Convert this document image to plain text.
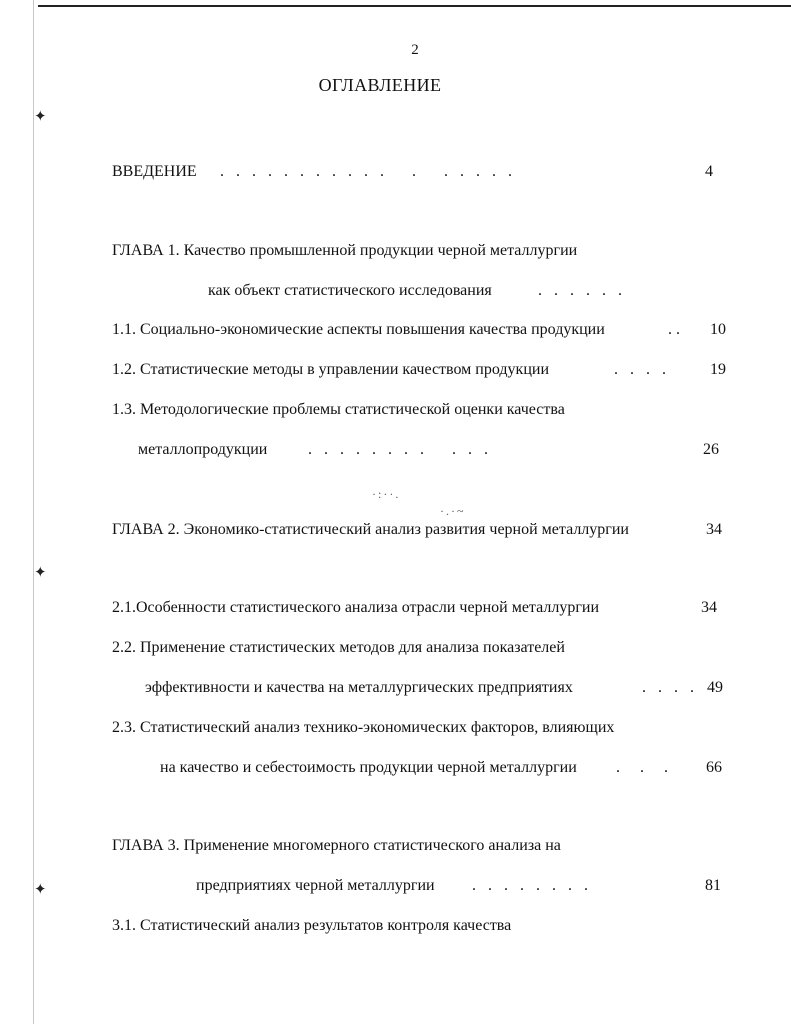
✦
✦
✦
·:··.
·.·~
2
ОГЛАВЛЕНИЕ
ВВЕДЕНИЕ .   .   .   .   .   .   .   .   .   .   .       .       .   .   .   .   .	4
ГЛАВА 1. Качество промышленной продукции черной металлургии
как объект статистического исследования .   .   .   .   .   .
1.1. Социально-экономические аспекты повышения качества продукции	. . 10
1.2. Статистические методы в управлении качеством продукции	.   .   .   .	19
1.3. Методологические проблемы статистической оценки качества
металлопродукции .   .   .   .   .   .   .   .       .   .   .	26
ГЛАВА 2. Экономико-статистический анализ развития черной металлургии	34
2.1.Особенности статистического анализа отрасли черной металлургии	34
2.2. Применение статистических методов для анализа показателей
эффективности и качества на металлургических предприятиях	.   .   .   . 49
2.3. Статистический анализ технико-экономических факторов, влияющих
на качество и себестоимость продукции черной металлургии .     .     . 66
ГЛАВА 3. Применение многомерного статистического анализа на
предприятиях черной металлургии .   .   .   .   .   .   .   .	81
3.1. Статистический анализ результатов контроля качества
